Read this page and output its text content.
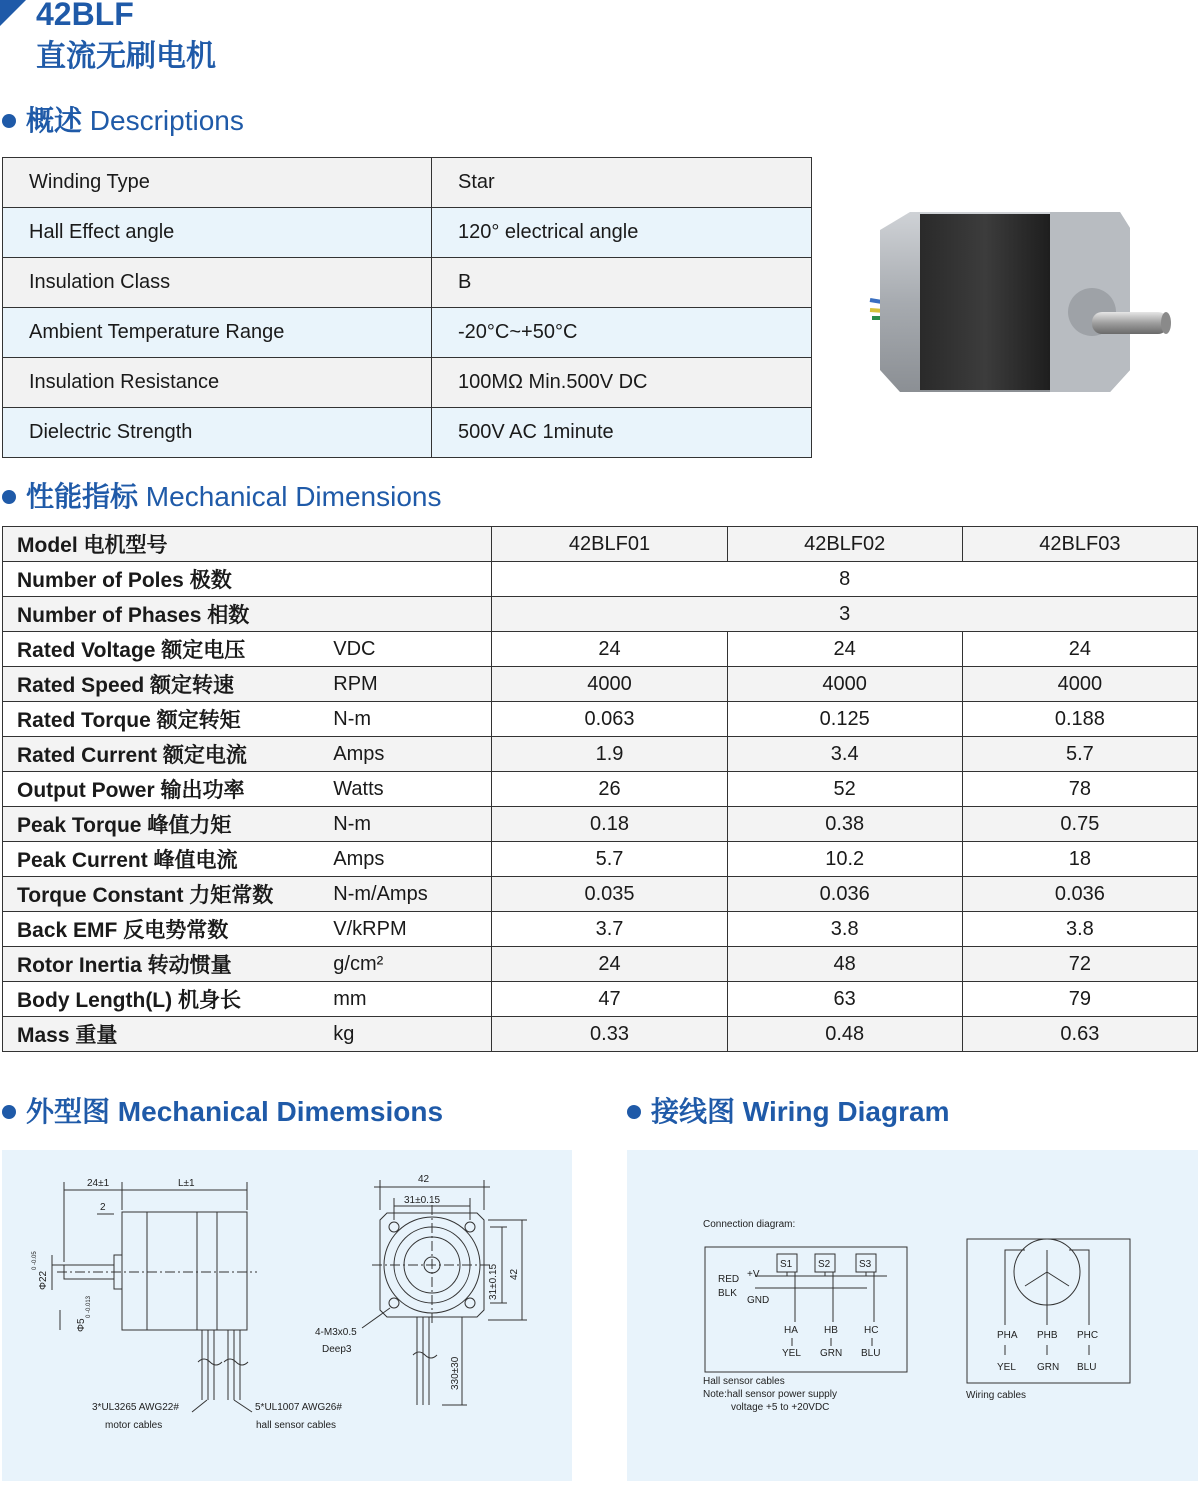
42BLF
直流无刷电机
概述 Descriptions
Winding Type	Star
Hall Effect angle	120° electrical angle
Insulation Class	B
Ambient Temperature Range	-20°C~+50°C
Insulation Resistance	100MΩ Min.500V DC
Dielectric Strength	500V AC 1minute
性能指标 Mechanical Dimensions
Model 电机型号		42BLF01	42BLF02	42BLF03
Number of Poles 极数		8		
Number of Phases 相数		3		
Rated Voltage 额定电压	VDC	24	24	24
Rated Speed 额定转速	RPM	4000	4000	4000
Rated Torque 额定转矩	N-m	0.063	0.125	0.188
Rated Current 额定电流	Amps	1.9	3.4	5.7
Output Power 输出功率	Watts	26	52	78
Peak Torque 峰值力矩	N-m	0.18	0.38	0.75
Peak Current 峰值电流	Amps	5.7	10.2	18
Torque Constant 力矩常数	N-m/Amps	0.035	0.036	0.036
Back EMF 反电势常数	V/kRPM	3.7	3.8	3.8
Rotor Inertia 转动惯量	g/cm²	24	48	72
Body Length(L) 机身长	mm	47	63	79
Mass 重量	kg	0.33	0.48	0.63
外型图 Mechanical Dimemsions	接线图 Wiring Diagram
24±1	L±1
2
Φ22
0 -0.05
Φ5
0 -0.013
42
31±0.15
31±0.15 42
330±30
4-M3x0.5
Deep3
3*UL3265 AWG22#
motor cables
5*UL1007 AWG26#
hall sensor cables
Connection diagram:
S1	S2	S3
RED
BLK
+V
GND
HA	HB	HC
YEL GRN BLU
Hall sensor cables
Note:hall sensor power supply
voltage +5 to +20VDC
PHA PHB PHC
YEL GRN BLU
Wiring cables
